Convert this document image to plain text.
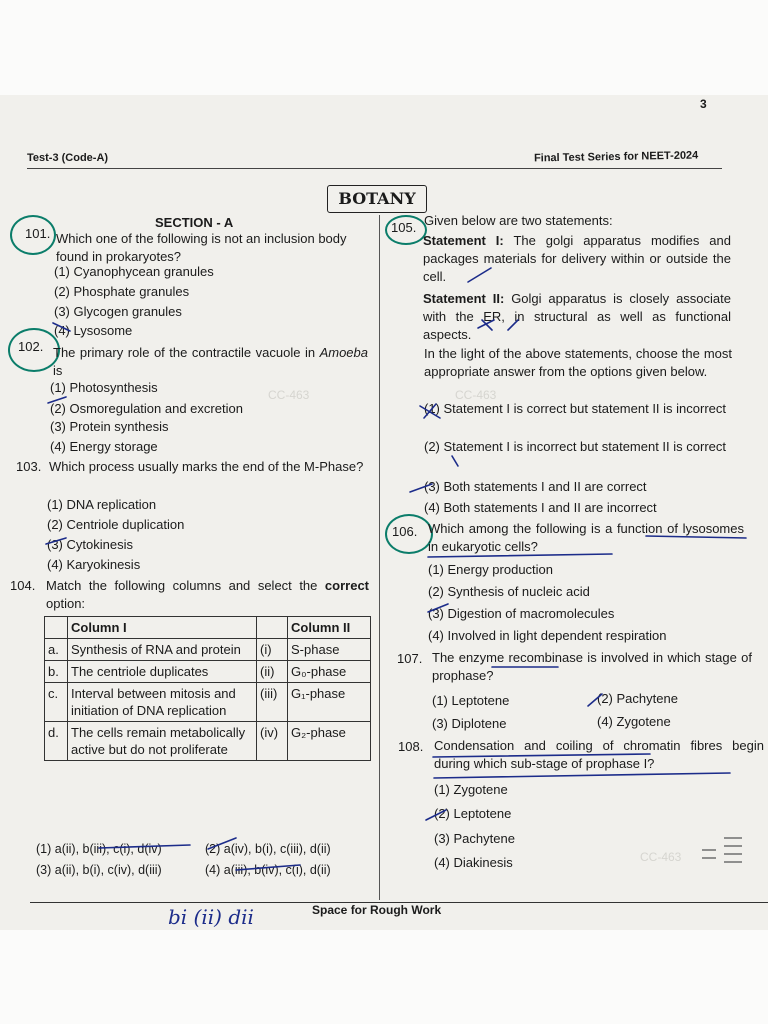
3
Test-3 (Code-A)	Final Test Series for NEET-2024
BOTANY
CC-463	CC-463
CC-463
SECTION - A
101. Which one of the following is not an inclusion body found in prokaryotes?
(1) Cyanophycean granules
(2) Phosphate granules
(3) Glycogen granules
(4) Lysosome
102. The primary role of the contractile vacuole in Amoeba is
(1) Photosynthesis
(2) Osmoregulation and excretion
(3) Protein synthesis
(4) Energy storage
103. Which process usually marks the end of the M-Phase?
(1) DNA replication
(2) Centriole duplication
(3) Cytokinesis
(4) Karyokinesis
104. Match the following columns and select the correct option:
	Column I		Column II
a.	Synthesis of RNA and protein	(i)	S-phase
b.	The centriole duplicates	(ii)	G₀-phase
c.	Interval between mitosis and initiation of DNA replication	(iii)	G₁-phase
d.	The cells remain metabolically active but do not proliferate	(iv)	G₂-phase
(1) a(ii), b(iii), c(i), d(iv)	(2) a(iv), b(i), c(iii), d(ii)
(3) a(ii), b(i), c(iv), d(iii)	(4) a(iii), b(iv), c(i), d(ii)
105. Given below are two statements:
Statement I: The golgi apparatus modifies and packages materials for delivery within or outside the cell.
Statement II: Golgi apparatus is closely associate with the ER, in structural as well as functional aspects.
In the light of the above statements, choose the most appropriate answer from the options given below.
(1) Statement I is correct but statement II is incorrect
(2) Statement I is incorrect but statement II is correct
(3) Both statements I and II are correct
(4) Both statements I and II are incorrect
106. Which among the following is a function of lysosomes in eukaryotic cells?
(1) Energy production
(2) Synthesis of nucleic acid
(3) Digestion of macromolecules
(4) Involved in light dependent respiration
107. The enzyme recombinase is involved in which stage of prophase?
(1) Leptotene	(2) Pachytene
(3) Diplotene	(4) Zygotene
108. Condensation and coiling of chromatin fibres begin during which sub-stage of prophase I?
(1) Zygotene
(2) Leptotene
(3) Pachytene
(4) Diakinesis
Space for Rough Work
bi (ii) dii
